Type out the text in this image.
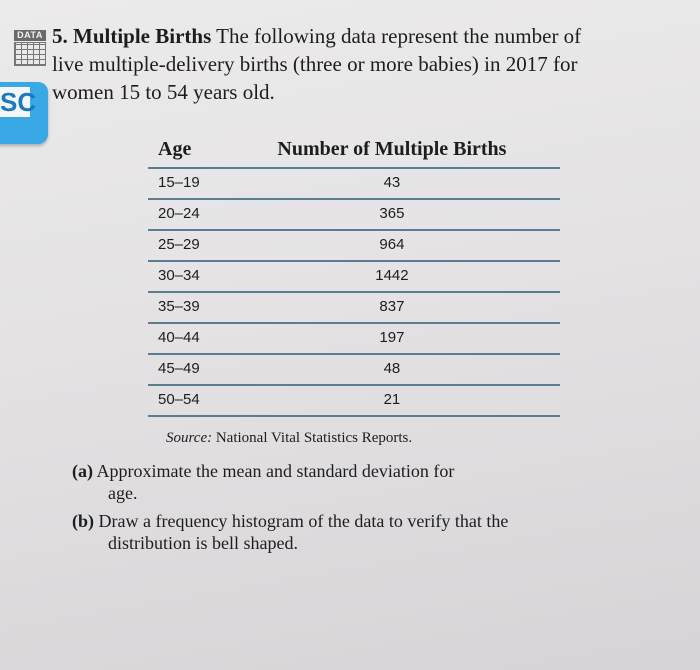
DATA
SC
5. Multiple Births The following data represent the number of
live multiple-delivery births (three or more babies) in 2017 for
women 15 to 54 years old.
Age	Number of Multiple Births
15–19	43
20–24	365
25–29	964
30–34	1442
35–39	837
40–44	197
45–49	48
50–54	21
Source: National Vital Statistics Reports.
(a) Approximate the mean and standard deviation for
age.
(b) Draw a frequency histogram of the data to verify that the
distribution is bell shaped.
